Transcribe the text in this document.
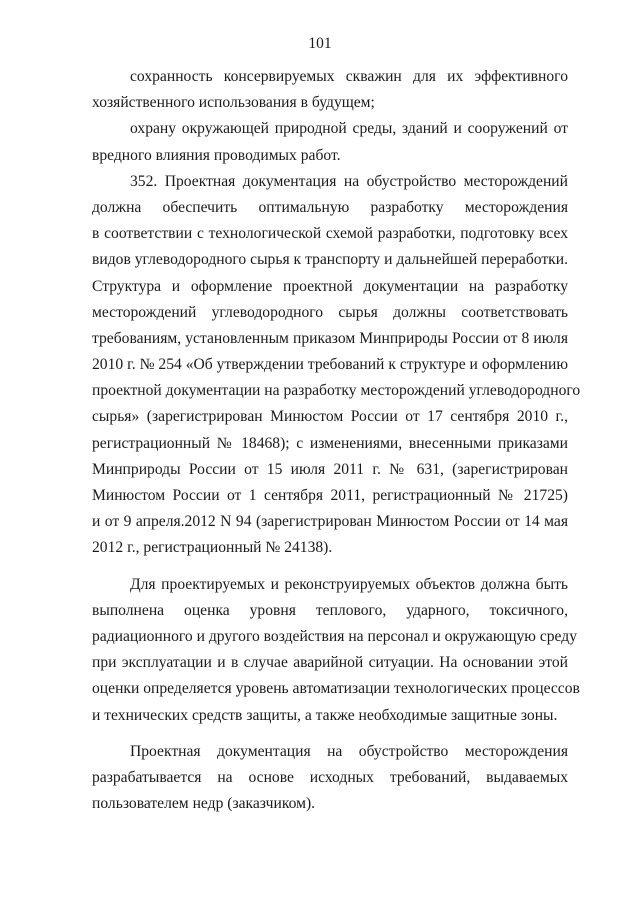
101

сохранность консервируемых скважин для их эффективного

хозяйственного использования в будущем;

охрану окружающей природной среды, зданий и сооружений от

вредного влияния проводимых работ.

352. Проектная документация на обустройство месторождений

должна обеспечить оптимальную разработку месторождения

в соответствии с технологической схемой разработки, подготовку всех

видов углеводородного сырья к транспорту и дальнейшей переработки.

Структура и оформление проектной документации на разработку

месторождений углеводородного сырья должны соответствовать

требованиям, установленным приказом Минприроды России от 8 июля

2010 г. № 254 «Об утверждении требований к структуре и оформлению

проектной документации на разработку месторождений углеводородного

сырья» (зарегистрирован Минюстом России от 17 сентября 2010 г.,

регистрационный № 18468); с изменениями, внесенными приказами

Минприроды России от 15 июля 2011 г. № 631, (зарегистрирован

Минюстом России от 1 сентября 2011, регистрационный № 21725)

и от 9 апреля.2012 N 94 (зарегистрирован Минюстом России от 14 мая

2012 г., регистрационный № 24138).

Для проектируемых и реконструируемых объектов должна быть

выполнена оценка уровня теплового, ударного, токсичного,

радиационного и другого воздействия на персонал и окружающую среду

при эксплуатации и в случае аварийной ситуации. На основании этой

оценки определяется уровень автоматизации технологических процессов

и технических средств защиты, а также необходимые защитные зоны.

Проектная документация на обустройство месторождения

разрабатывается на основе исходных требований, выдаваемых

пользователем недр (заказчиком).
